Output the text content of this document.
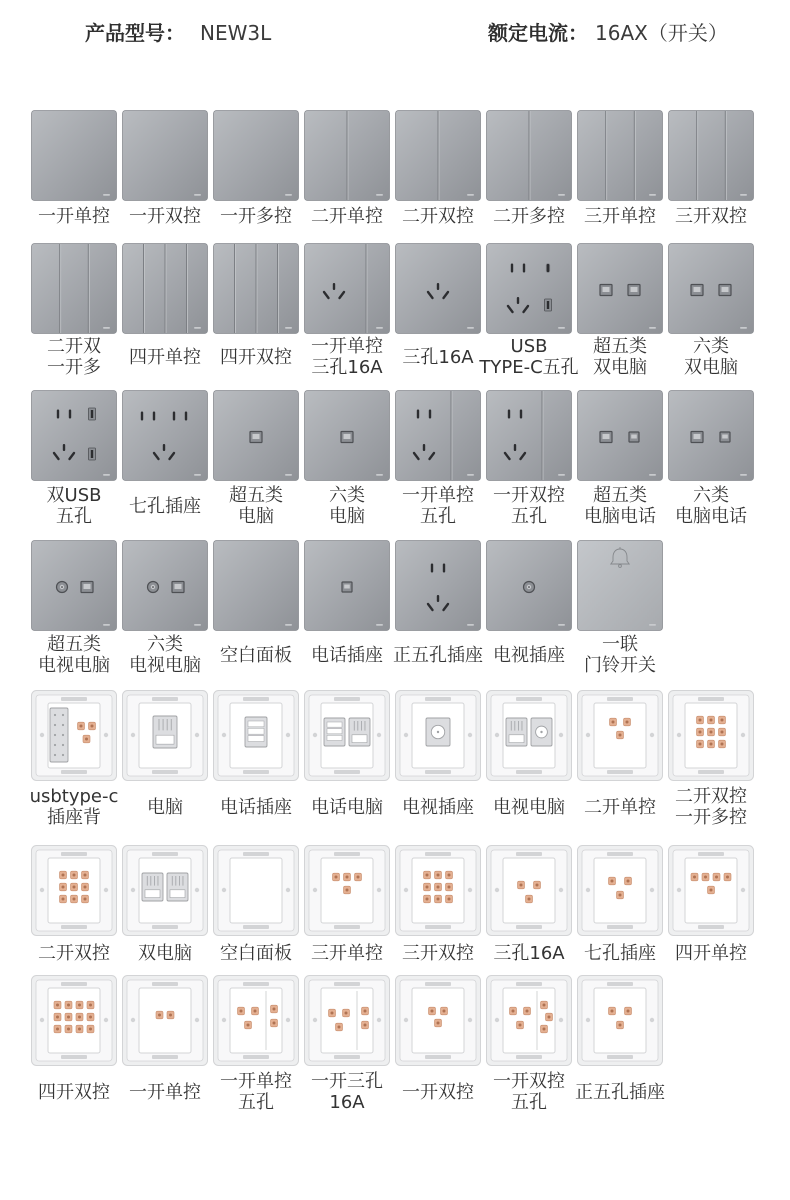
产品型号： NEW3L	额定电流： 16AX（开关）
一开单控 一开双控 一开多控 二开单控 二开双控 二开多控 三开单控 三开双控
二开双
一开多 四开单控 四开双控 一开单控
三孔16A 三孔16A USB
TYPE-C五孔
超五类
双电脑
六类
双电脑
双USB
五孔 七孔插座 超五类
电脑
六类
电脑
一开单控
五孔
一开双控
五孔
超五类
电脑电话
六类
电脑电话
超五类
电视电脑
六类
电视电脑 空白面板 电话插座 正五孔插座 电视插座 一联
门铃开关
usbtype-c
插座背	电脑 电话插座 电话电脑 电视插座 电视电脑 二开单控 二开双控
一开多控
二开双控 双电脑 空白面板 三开单控 三开双控 三孔16A 七孔插座 四开单控
四开双控 一开单控 一开单控
五孔
一开三孔
16A 一开双控 一开双控
五孔 正五孔插座
